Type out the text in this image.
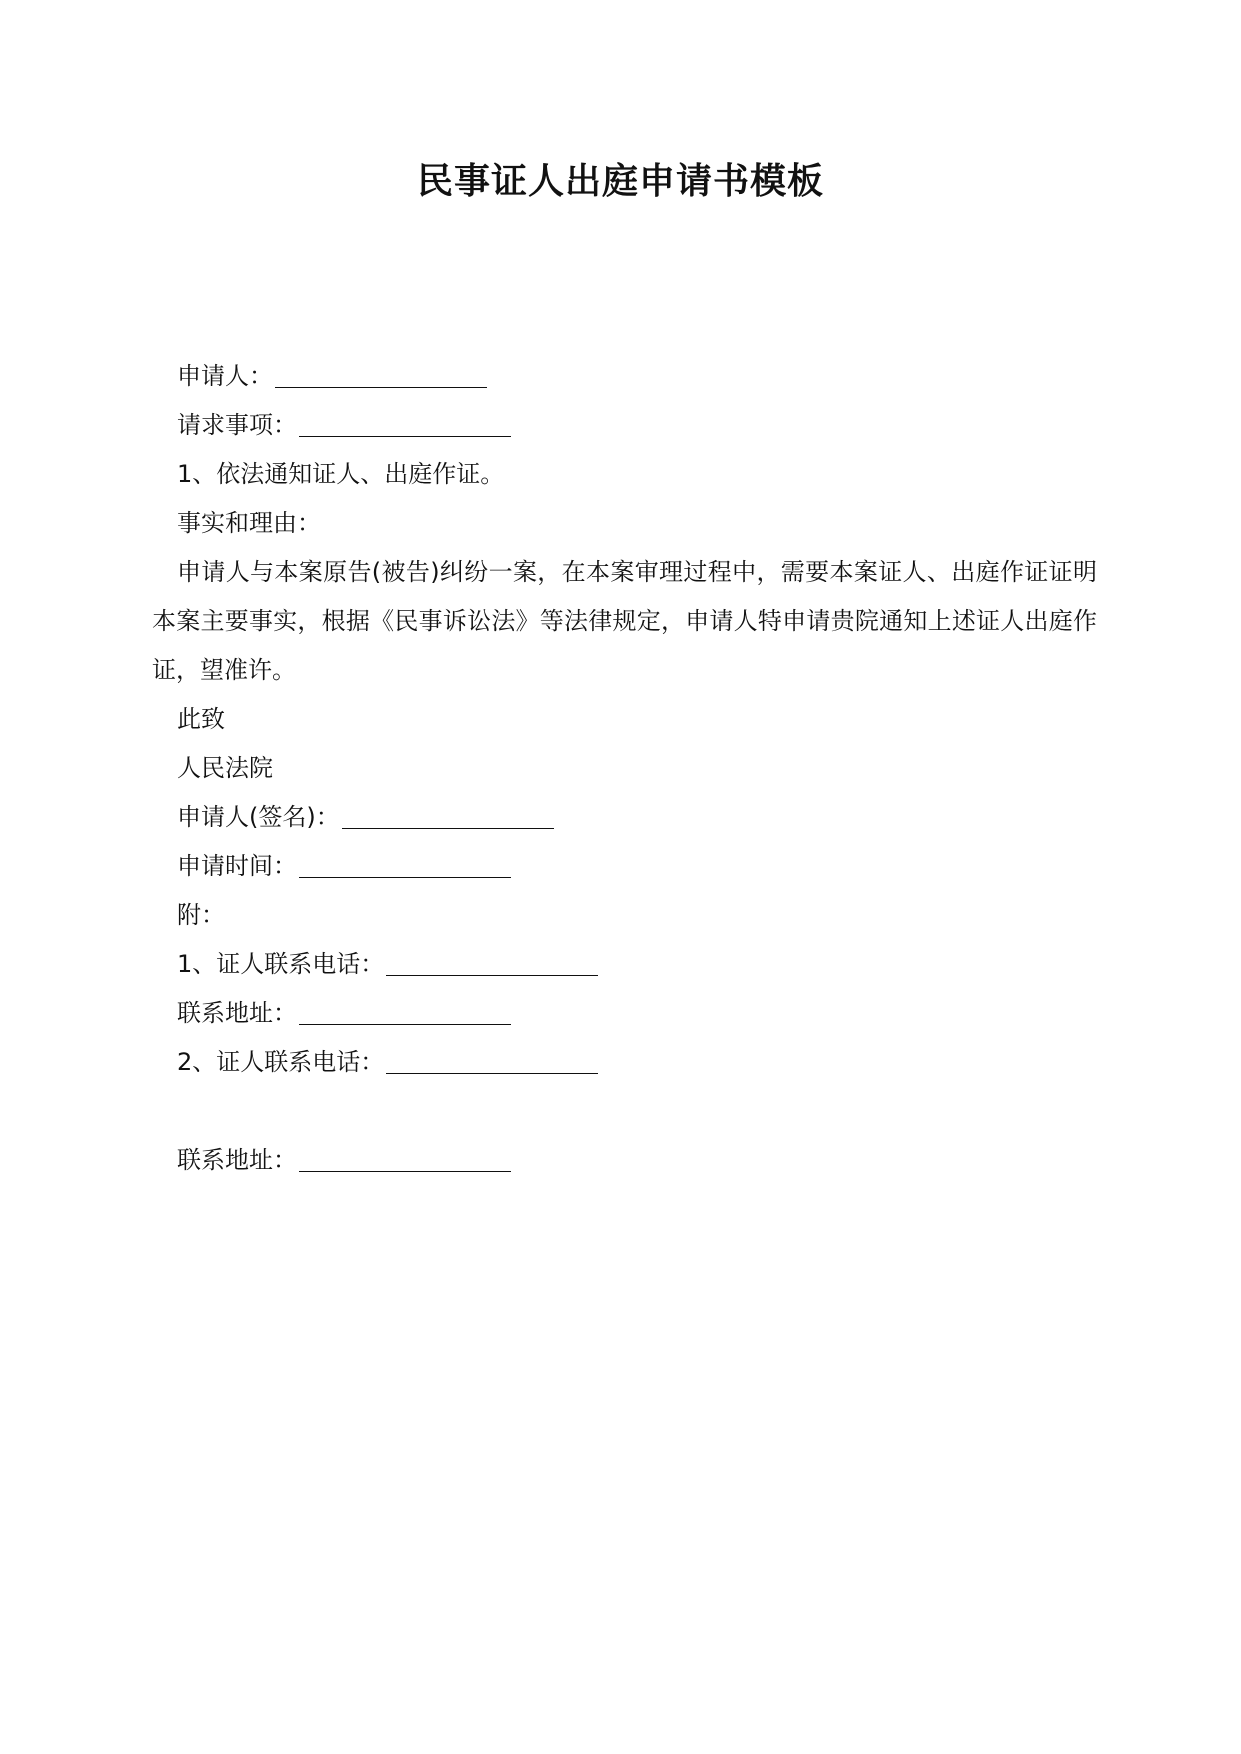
民事证人出庭申请书模板

申请人：

请求事项：

1、依法通知证人、出庭作证。

事实和理由：

申请人与本案原告(被告)纠纷一案，在本案审理过程中，需要本案证人、出庭作证证明本案主要事实，根据《民事诉讼法》等法律规定，申请人特申请贵院通知上述证人出庭作证，望准许。

此致

人民法院

申请人(签名)：

申请时间：

附：

1、证人联系电话：

联系地址：

2、证人联系电话：

联系地址：
